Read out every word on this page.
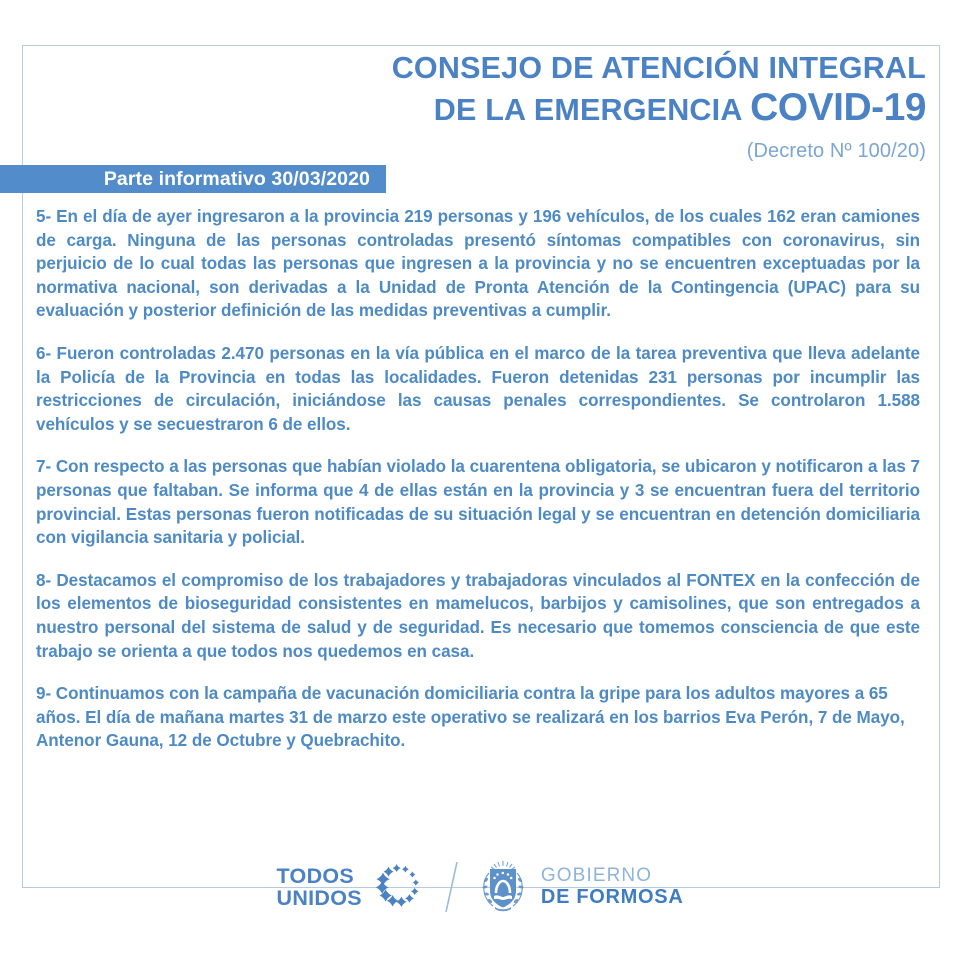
CONSEJO DE ATENCIÓN INTEGRAL
DE LA EMERGENCIA COVID-19
(Decreto Nº 100/20)
Parte informativo 30/03/2020

5- En el día de ayer ingresaron a la provincia 219 personas y 196 vehículos, de los cuales 162 eran camiones de carga. Ninguna de las personas controladas presentó síntomas compatibles con coronavirus, sin perjuicio de lo cual todas las personas que ingresen a la provincia y no se encuentren exceptuadas por la normativa nacional, son derivadas a la Unidad de Pronta Atención de la Contingencia (UPAC) para su evaluación y posterior definición de las medidas preventivas a cumplir.

6- Fueron controladas 2.470 personas en la vía pública en el marco de la tarea preventiva que lleva adelante la Policía de la Provincia en todas las localidades. Fueron detenidas 231 personas por incumplir las restricciones de circulación, iniciándose las causas penales correspondientes. Se controlaron 1.588 vehículos y se secuestraron 6 de ellos.

7- Con respecto a las personas que habían violado la cuarentena obligatoria, se ubicaron y notificaron a las 7 personas que faltaban. Se informa que 4 de ellas están en la provincia y 3 se encuentran fuera del territorio provincial. Estas personas fueron notificadas de su situación legal y se encuentran en detención domiciliaria con vigilancia sanitaria y policial.

8- Destacamos el compromiso de los trabajadores y trabajadoras vinculados al FONTEX en la confección de los elementos de bioseguridad consistentes en mamelucos, barbijos y camisolines, que son entregados a nuestro personal del sistema de salud y de seguridad. Es necesario que tomemos consciencia de que este trabajo se orienta a que todos nos quedemos en casa.

9- Continuamos con la campaña de vacunación domiciliaria contra la gripe para los adultos mayores a 65 años. El día de mañana martes 31 de marzo este operativo se realizará en los barrios Eva Perón, 7 de Mayo, Antenor Gauna, 12 de Octubre y Quebrachito.

TODOS
UNIDOS
GOBIERNO
DE FORMOSA
